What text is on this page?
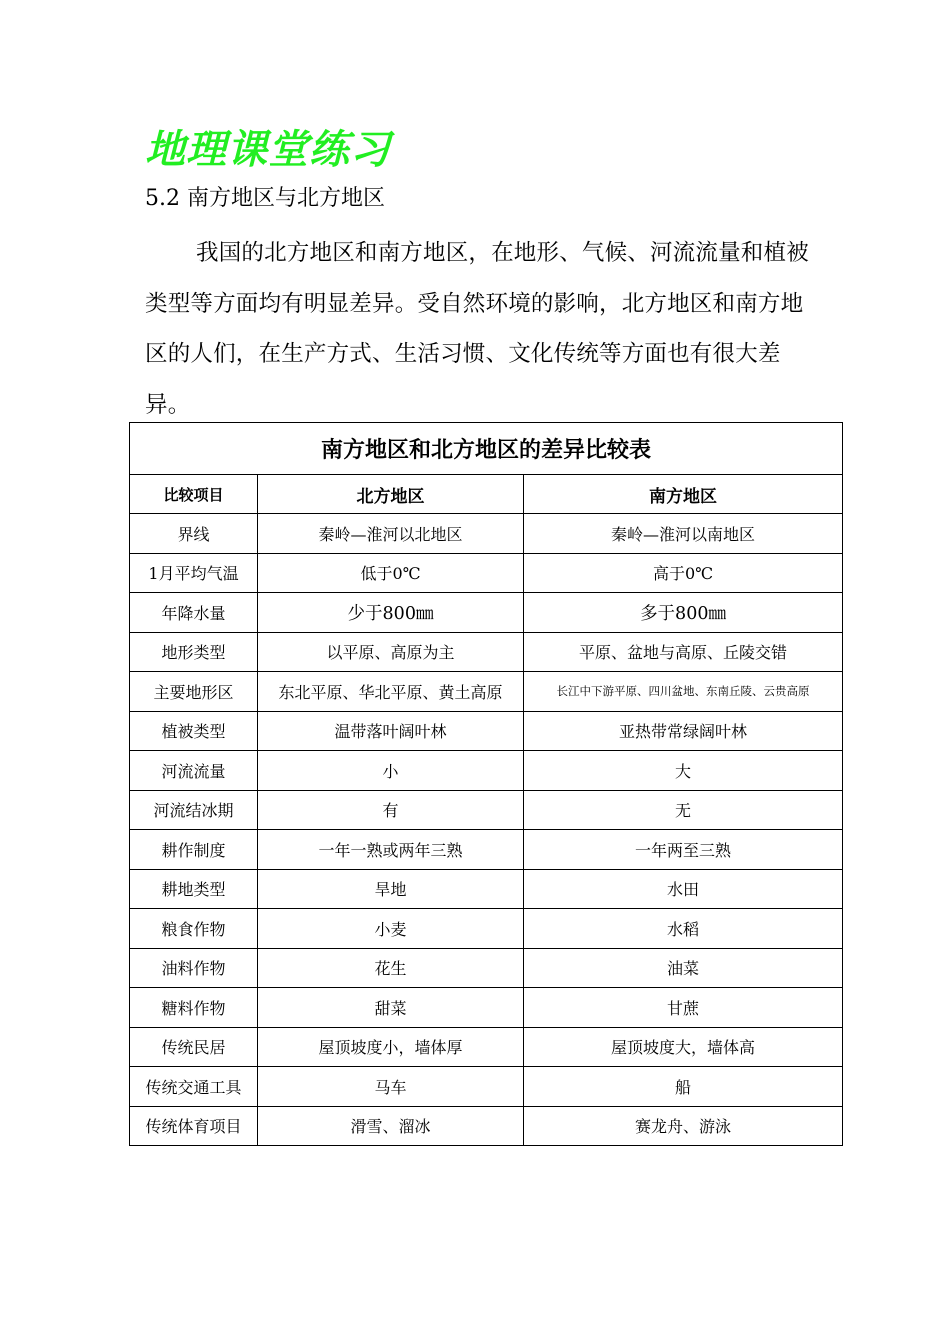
地理课堂练习
5.2 南方地区与北方地区

我国的北方地区和南方地区，在地形、气候、河流流量和植被类型等方面均有明显差异。受自然环境的影响，北方地区和南方地区的人们，在生产方式、生活习惯、文化传统等方面也有很大差异。

南方地区和北方地区的差异比较表		
比较项目	北方地区	南方地区
界线	秦岭—淮河以北地区	秦岭—淮河以南地区
1月平均气温	低于0℃	高于0℃
年降水量	少于800㎜	多于800㎜
地形类型	以平原、高原为主	平原、盆地与高原、丘陵交错
主要地形区	东北平原、华北平原、黄土高原	长江中下游平原、四川盆地、东南丘陵、云贵高原
植被类型	温带落叶阔叶林	亚热带常绿阔叶林
河流流量	小	大
河流结冰期	有	无
耕作制度	一年一熟或两年三熟	一年两至三熟
耕地类型	旱地	水田
粮食作物	小麦	水稻
油料作物	花生	油菜
糖料作物	甜菜	甘蔗
传统民居	屋顶坡度小，墙体厚	屋顶坡度大，墙体高
传统交通工具	马车	船
传统体育项目	滑雪、溜冰	赛龙舟、游泳
